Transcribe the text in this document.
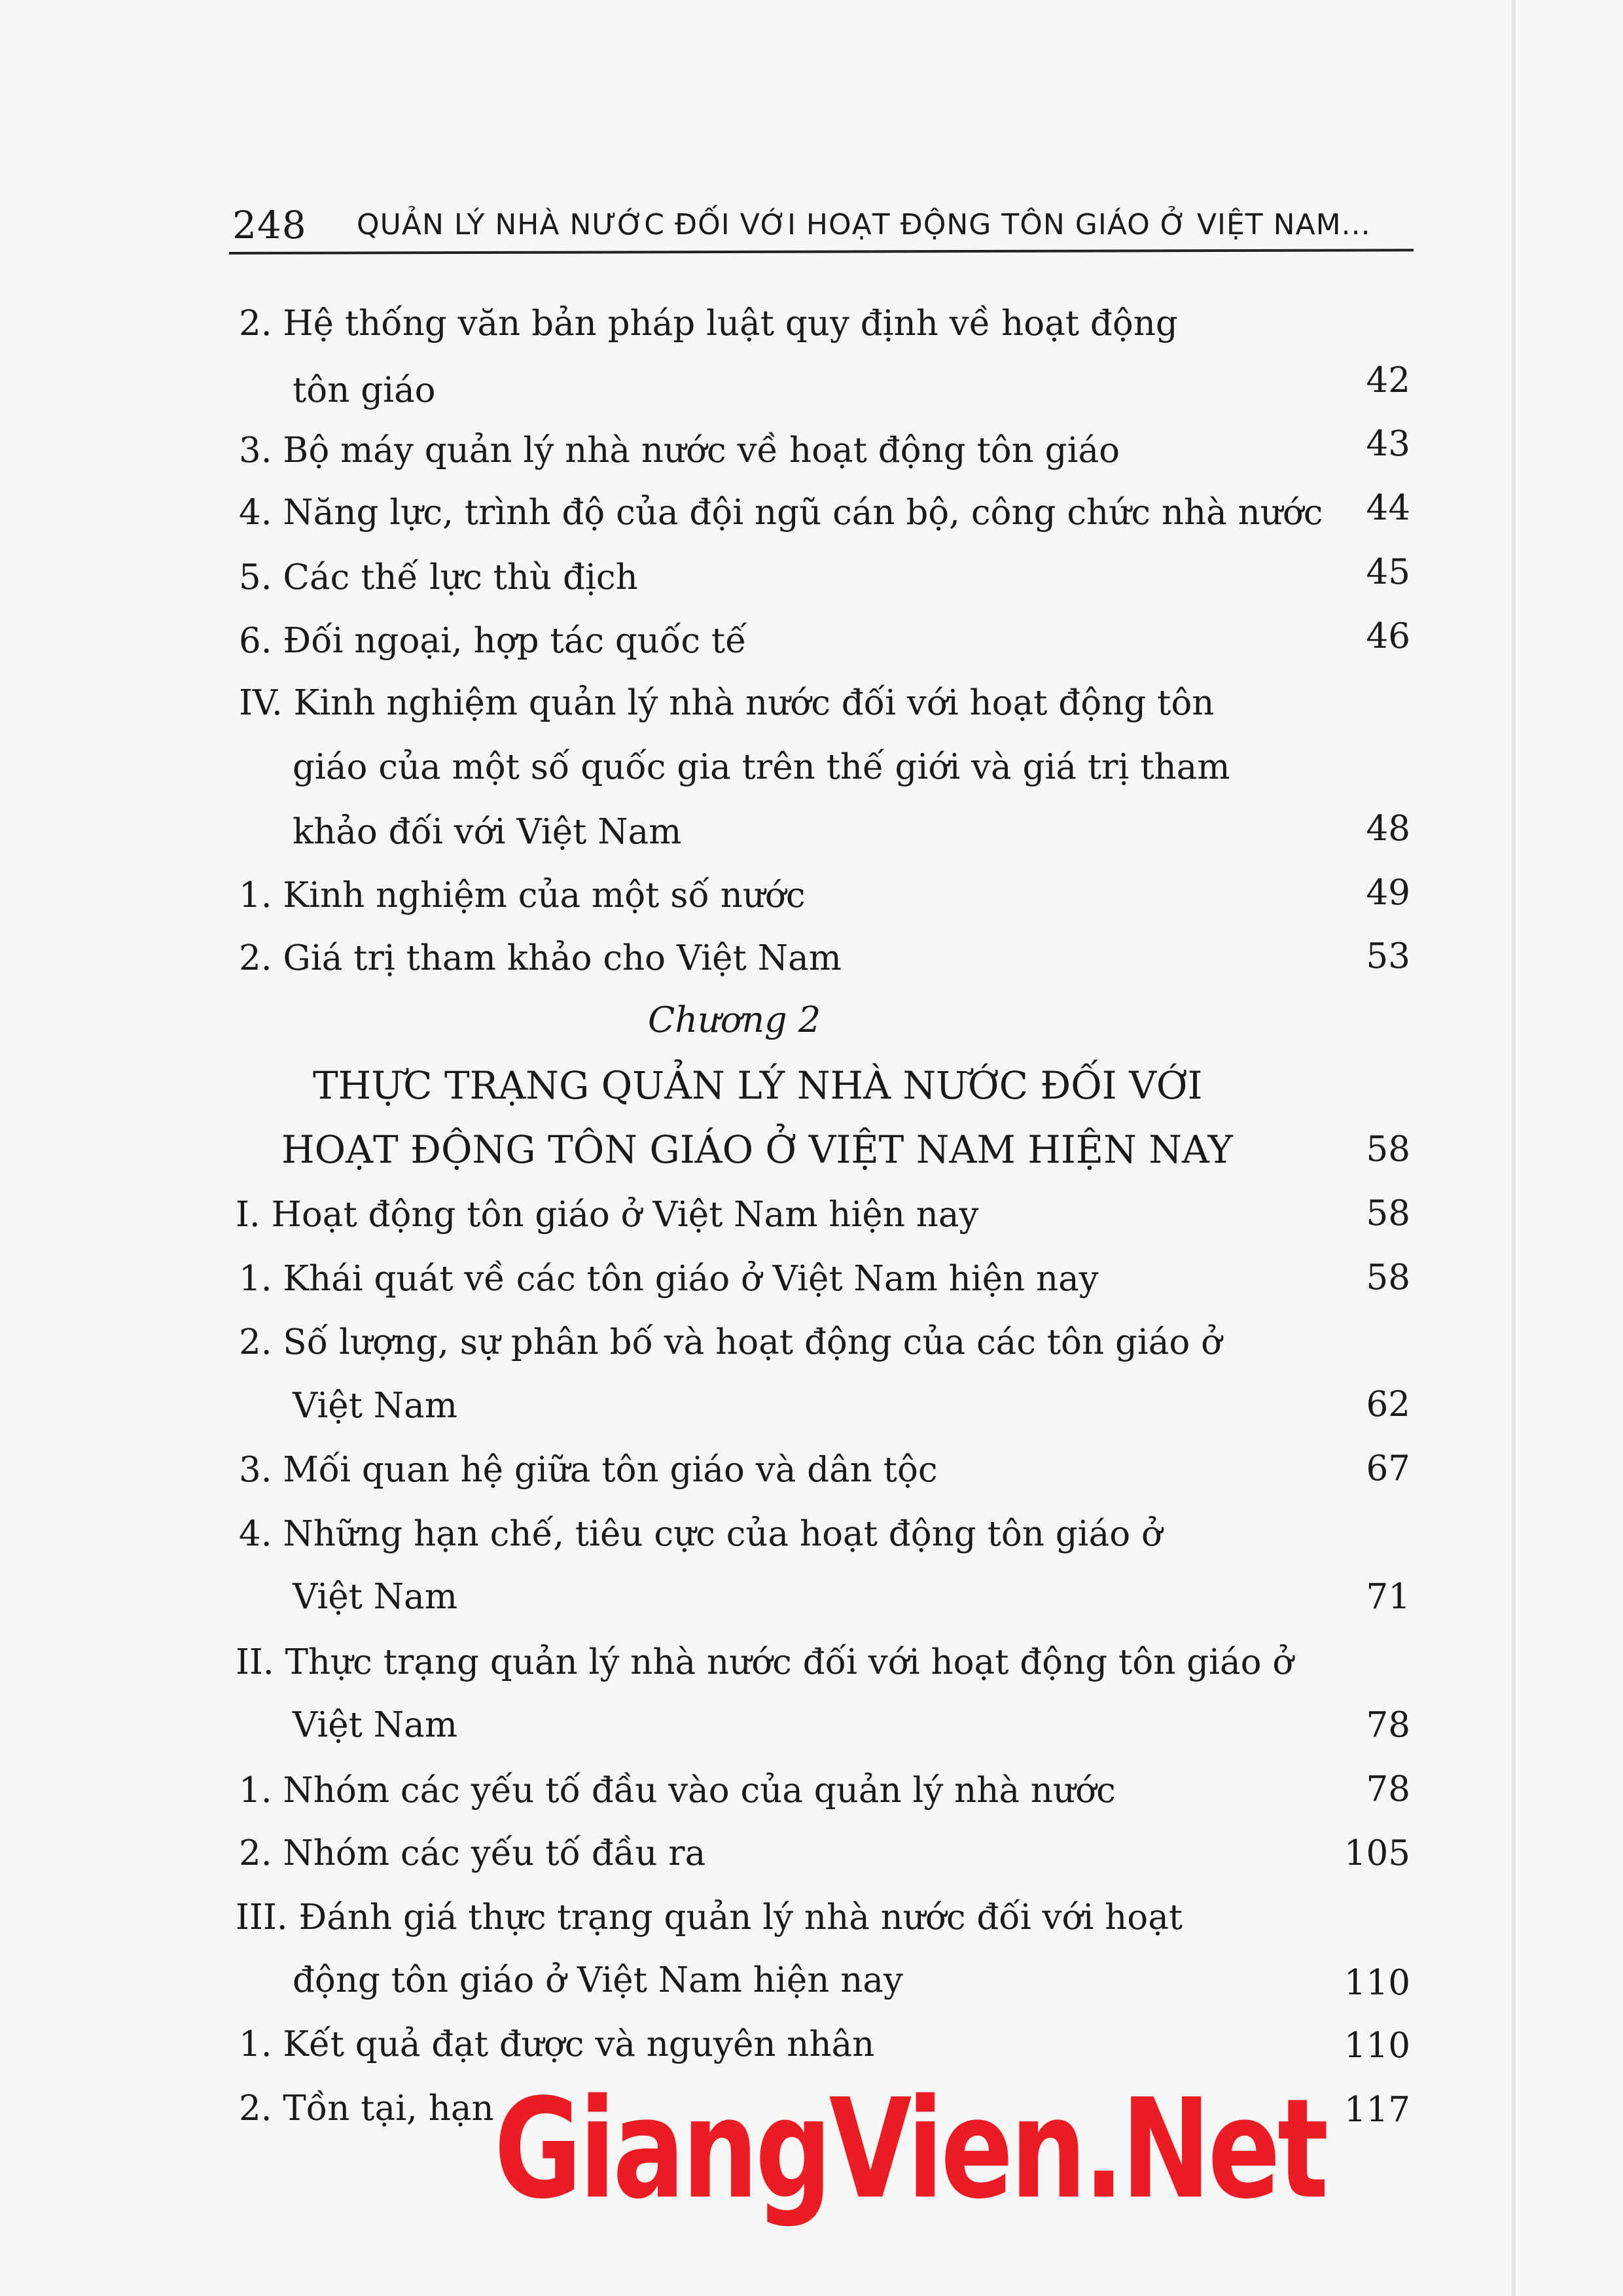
248 QUẢN LÝ NHÀ NƯỚC ĐỐI VỚI HOẠT ĐỘNG TÔN GIÁO Ở VIỆT NAM...
2. Hệ thống văn bản pháp luật quy định về hoạt động
tôn giáo	42
3. Bộ máy quản lý nhà nước về hoạt động tôn giáo	43
4. Năng lực, trình độ của đội ngũ cán bộ, công chức nhà nước	44
5. Các thế lực thù địch	45
6. Đối ngoại, hợp tác quốc tế	46
IV. Kinh nghiệm quản lý nhà nước đối với hoạt động tôn
giáo của một số quốc gia trên thế giới và giá trị tham
khảo đối với Việt Nam	48
1. Kinh nghiệm của một số nước	49
2. Giá trị tham khảo cho Việt Nam	53
Chương 2
THỰC TRẠNG QUẢN LÝ NHÀ NƯỚC ĐỐI VỚI
HOẠT ĐỘNG TÔN GIÁO Ở VIỆT NAM HIỆN NAY	58
I. Hoạt động tôn giáo ở Việt Nam hiện nay	58
1. Khái quát về các tôn giáo ở Việt Nam hiện nay	58
2. Số lượng, sự phân bố và hoạt động của các tôn giáo ở
Việt Nam	62
3. Mối quan hệ giữa tôn giáo và dân tộc	67
4. Những hạn chế, tiêu cực của hoạt động tôn giáo ở
Việt Nam	71
II. Thực trạng quản lý nhà nước đối với hoạt động tôn giáo ở
Việt Nam	78
1. Nhóm các yếu tố đầu vào của quản lý nhà nước	78
2. Nhóm các yếu tố đầu ra	105
III. Đánh giá thực trạng quản lý nhà nước đối với hoạt
động tôn giáo ở Việt Nam hiện nay	110
1. Kết quả đạt được và nguyên nhân	110
2. Tồn tại, hạn	117
GiangVien.Net
